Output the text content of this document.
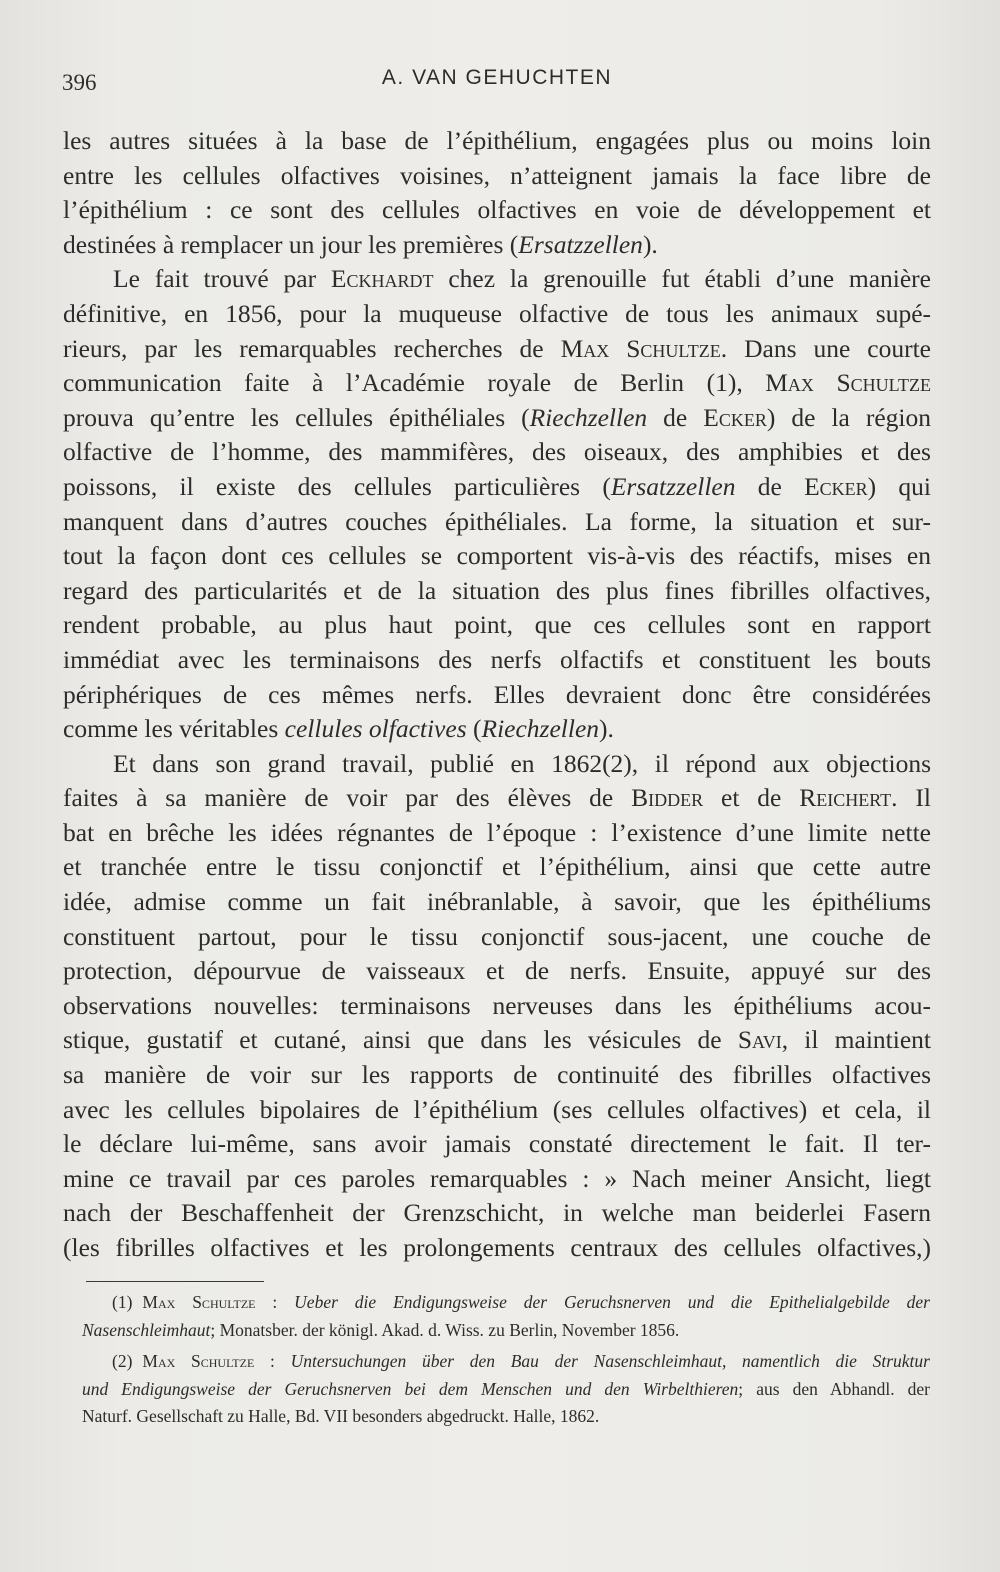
396	A. VAN GEHUCHTEN

les autres situées à la base de l’épithélium, engagées plus ou moins loin
entre les cellules olfactives voisines, n’atteignent jamais la face libre de
l’épithélium : ce sont des cellules olfactives en voie de développement et
destinées à remplacer un jour les premières (Ersatzzellen).

Le fait trouvé par Eckhardt chez la grenouille fut établi d’une manière
définitive, en 1856, pour la muqueuse olfactive de tous les animaux supé-
rieurs, par les remarquables recherches de Max Schultze. Dans une courte
communication faite à l’Académie royale de Berlin (1), Max Schultze
prouva qu’entre les cellules épithéliales (Riechzellen de Ecker) de la région
olfactive de l’homme, des mammifères, des oiseaux, des amphibies et des
poissons, il existe des cellules particulières (Ersatzzellen de Ecker) qui
manquent dans d’autres couches épithéliales. La forme, la situation et sur-
tout la façon dont ces cellules se comportent vis-à-vis des réactifs, mises en
regard des particularités et de la situation des plus fines fibrilles olfactives,
rendent probable, au plus haut point, que ces cellules sont en rapport
immédiat avec les terminaisons des nerfs olfactifs et constituent les bouts
périphériques de ces mêmes nerfs. Elles devraient donc être considérées
comme les véritables cellules olfactives (Riechzellen).

Et dans son grand travail, publié en 1862(2), il répond aux objections
faites à sa manière de voir par des élèves de Bidder et de Reichert. Il
bat en brêche les idées régnantes de l’époque : l’existence d’une limite nette
et tranchée entre le tissu conjonctif et l’épithélium, ainsi que cette autre
idée, admise comme un fait inébranlable, à savoir, que les épithéliums
constituent partout, pour le tissu conjonctif sous-jacent, une couche de
protection, dépourvue de vaisseaux et de nerfs. Ensuite, appuyé sur des
observations nouvelles: terminaisons nerveuses dans les épithéliums acou-
stique, gustatif et cutané, ainsi que dans les vésicules de Savi, il maintient
sa manière de voir sur les rapports de continuité des fibrilles olfactives
avec les cellules bipolaires de l’épithélium (ses cellules olfactives) et cela, il
le déclare lui-même, sans avoir jamais constaté directement le fait. Il ter-
mine ce travail par ces paroles remarquables : » Nach meiner Ansicht, liegt
nach der Beschaffenheit der Grenzschicht, in welche man beiderlei Fasern
(les fibrilles olfactives et les prolongements centraux des cellules olfactives,)

(1) Max Schultze : Ueber die Endigungsweise der Geruchsnerven und die Epithelialgebilde der
Nasenschleimhaut; Monatsber. der königl. Akad. d. Wiss. zu Berlin, November 1856.

(2) Max Schultze : Untersuchungen über den Bau der Nasenschleimhaut, namentlich die Struktur
und Endigungsweise der Geruchsnerven bei dem Menschen und den Wirbelthieren; aus den Abhandl. der
Naturf. Gesellschaft zu Halle, Bd. VII besonders abgedruckt. Halle, 1862.
